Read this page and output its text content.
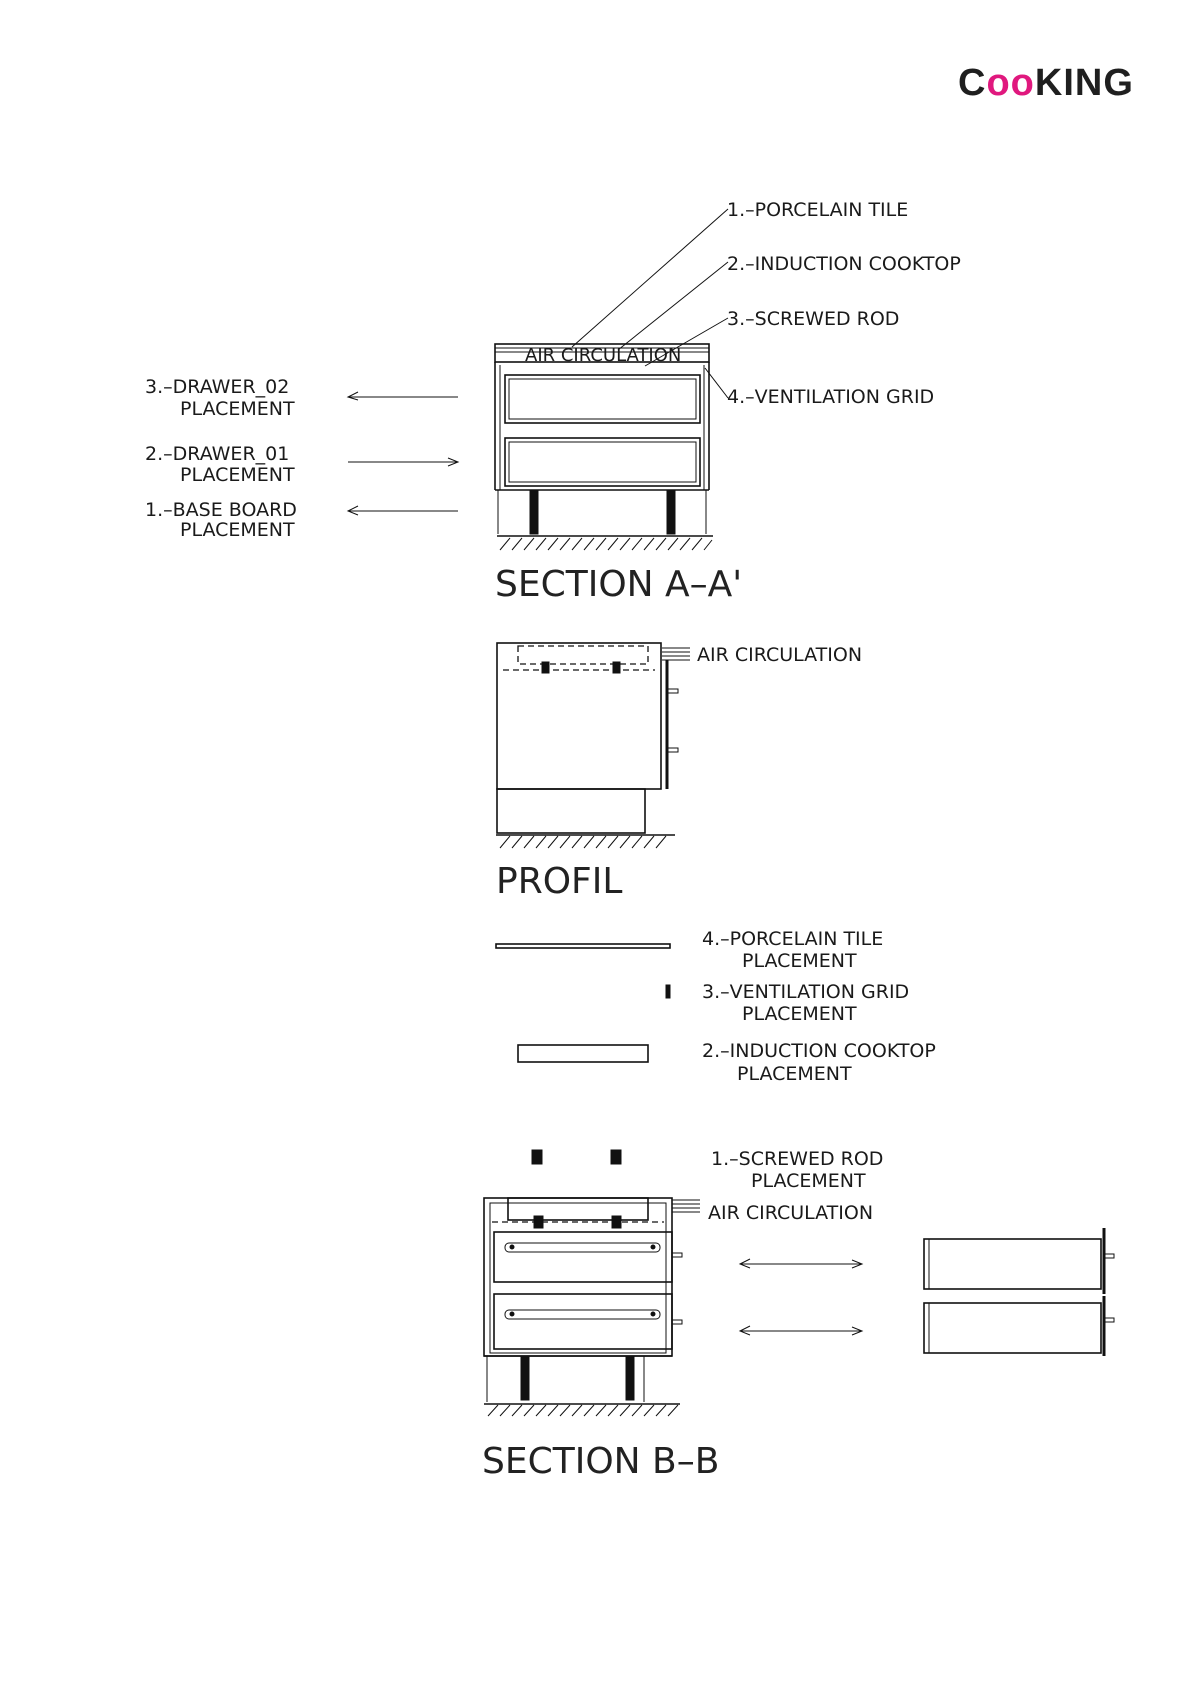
CooKING
1.–PORCELAIN TILE
2.–INDUCTION COOKTOP
3.–SCREWED ROD
4.–VENTILATION GRID
AIR CIRCULATION
3.–DRAWER_02
PLACEMENT
2.–DRAWER_01
PLACEMENT
1.–BASE BOARD
PLACEMENT
SECTION A–A'
AIR CIRCULATION
PROFIL
4.–PORCELAIN TILE
PLACEMENT
3.–VENTILATION GRID
PLACEMENT
2.–INDUCTION COOKTOP
PLACEMENT
1.–SCREWED ROD
PLACEMENT
AIR CIRCULATION
SECTION B–B
